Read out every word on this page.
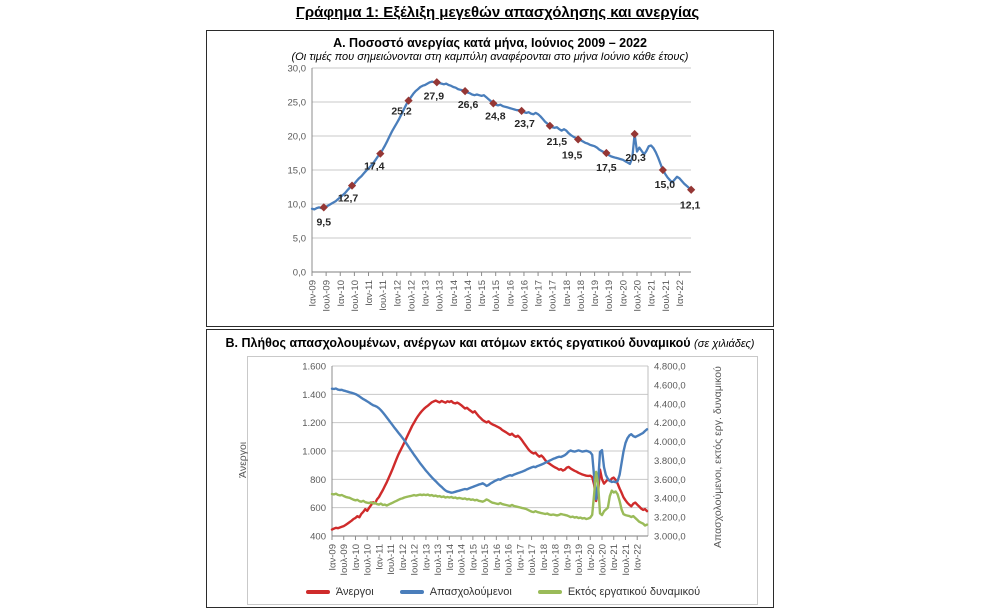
Γράφημα 1: Εξέλιξη μεγεθών απασχόλησης και ανεργίας
30,0
25,0
20,0
15,0
10,0
5,0
0,0
Ιαν-09 Ιουλ-09 Ιαν-10 Ιουλ-10 Ιαν-11 Ιουλ-11 Ιαν-12 Ιουλ-12 Ιαν-13 Ιουλ-13 Ιαν-14 Ιουλ-14 Ιαν-15 Ιουλ-15 Ιαν-16 Ιουλ-16 Ιαν-17 Ιουλ-17 Ιαν-18 Ιουλ-18 Ιαν-19 Ιουλ-19 Ιαν-20 Ιουλ-20 Ιαν-21 Ιουλ-21 Ιαν-22
9,5
12,7
17,4
25,2
27,9
26,6
24,8
23,7
21,5
19,5
17,5
20,3
15,0
12,1
Α. Ποσοστό ανεργίας κατά μήνα, Ιούνιος 2009 – 2022
(Οι τιμές που σημειώνονται στη καμπύλη αναφέρονται στο μήνα Ιούνιο κάθε έτους)
1.600
1.400
1.200
1.000
800
600
400
4.800,0
4.600,0
4.400,0
4.200,0
4.000,0
3.800,0
3.600,0
3.400,0
3.200,0
3.000,0
Ιαν-09 Ιουλ-09 Ιαν-10 Ιουλ-10 Ιαν-11 Ιουλ-11 Ιαν-12 Ιουλ-12 Ιαν-13 Ιουλ-13 Ιαν-14 Ιουλ-14 Ιαν-15 Ιουλ-15 Ιαν-16 Ιουλ-16 Ιαν-17 Ιουλ-17 Ιαν-18 Ιουλ-18 Ιαν-19 Ιουλ-19 Ιαν-20 Ιουλ-20 Ιαν-21 Ιουλ-21 Ιαν-22
Β. Πλήθος απασχολουμένων, ανέργων και ατόμων εκτός εργατικού δυναμικού (σε χιλιάδες)
Άνεργοι	Απασχολούμενοι, εκτός εργ. δυναμικού
Άνεργοι	Απασχολούμενοι	Εκτός εργατικού δυναμικού
